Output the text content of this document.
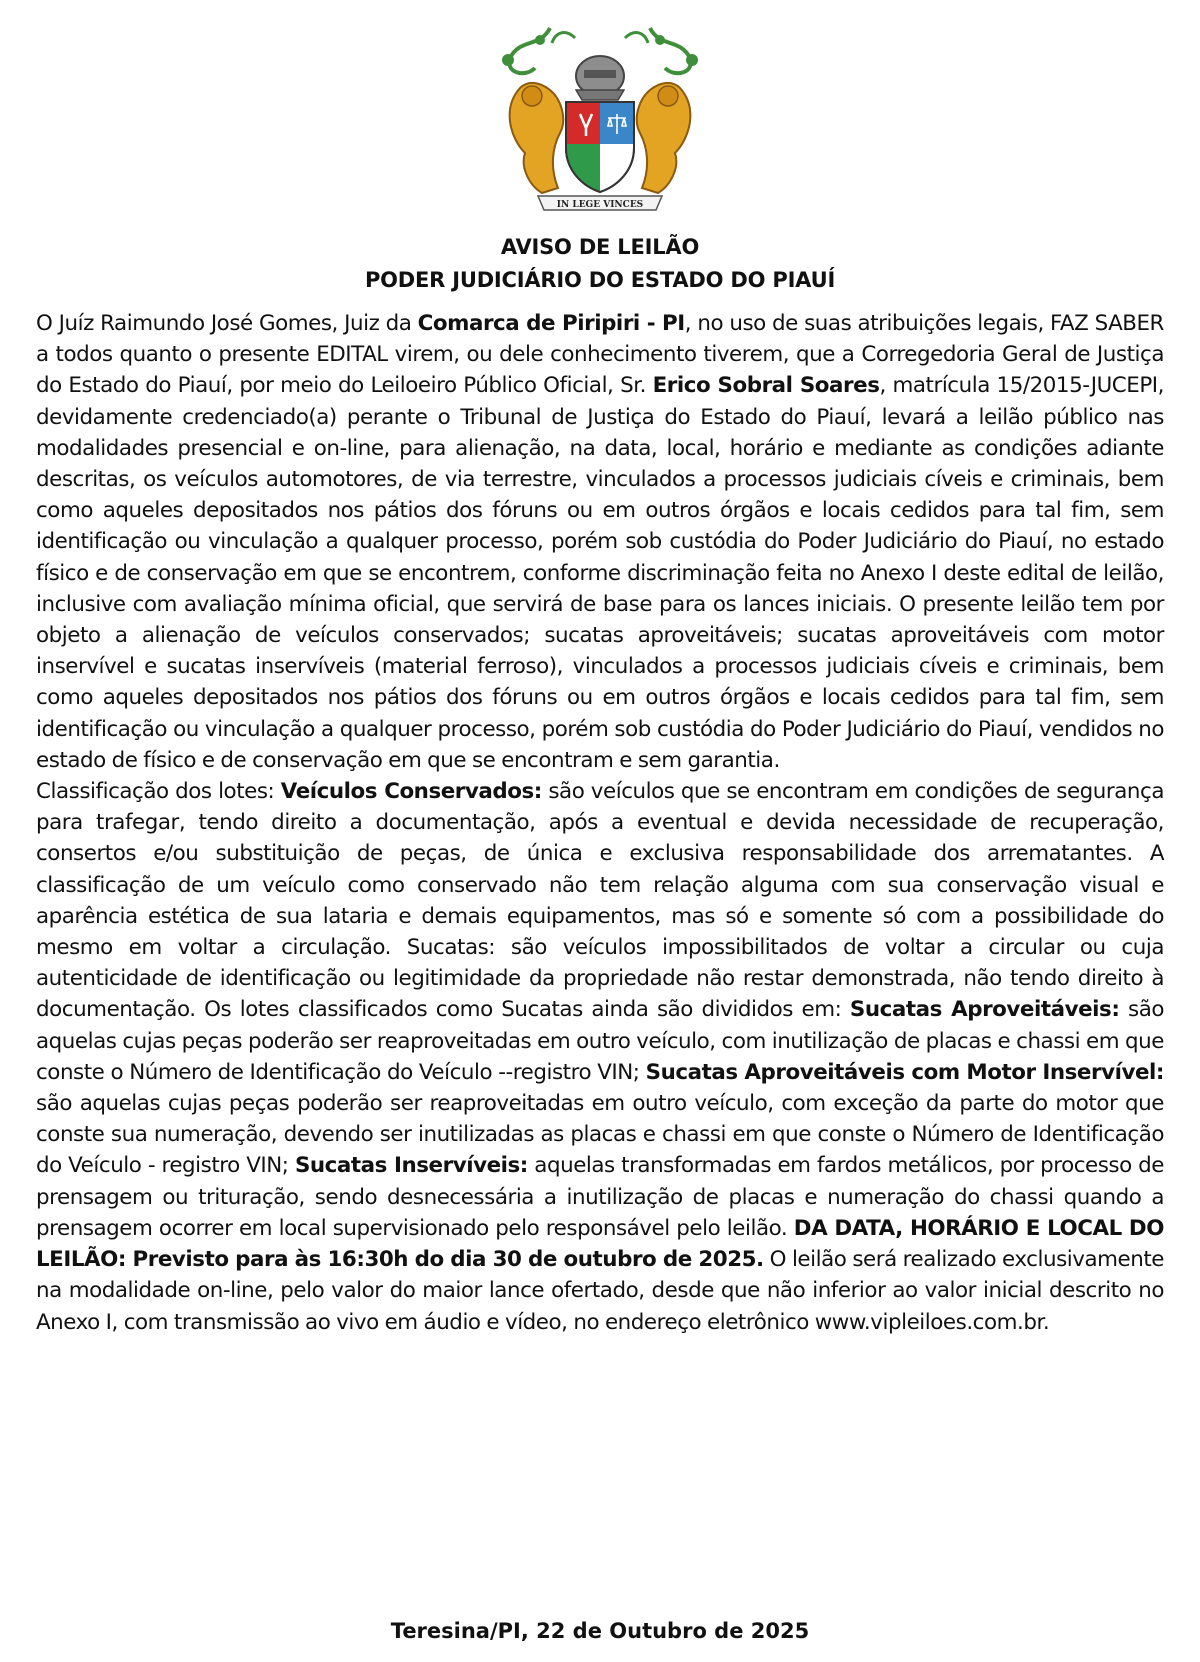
IN LEGE VINCES
AVISO DE LEILÃO
PODER JUDICIÁRIO DO ESTADO DO PIAUÍ

O Juíz Raimundo José Gomes, Juiz da Comarca de Piripiri - PI, no uso de suas atribuições legais, FAZ SABER a todos quanto o presente EDITAL virem, ou dele conhecimento tiverem, que a Corregedoria Geral de Justiça do Estado do Piauí, por meio do Leiloeiro Público Oficial, Sr. Erico Sobral Soares, matrícula 15/2015-JUCEPI, devidamente credenciado(a) perante o Tribunal de Justiça do Estado do Piauí, levará a leilão público nas modalidades presencial e on-line, para alienação, na data, local, horário e mediante as condições adiante descritas, os veículos automotores, de via terrestre, vinculados a processos judiciais cíveis e criminais, bem como aqueles depositados nos pátios dos fóruns ou em outros órgãos e locais cedidos para tal fim, sem identificação ou vinculação a qualquer processo, porém sob custódia do Poder Judiciário do Piauí, no estado físico e de conservação em que se encontrem, conforme discriminação feita no Anexo I deste edital de leilão, inclusive com avaliação mínima oficial, que servirá de base para os lances iniciais. O presente leilão tem por objeto a alienação de veículos conservados; sucatas aproveitáveis; sucatas aproveitáveis com motor inservível e sucatas inservíveis (material ferroso), vinculados a processos judiciais cíveis e criminais, bem como aqueles depositados nos pátios dos fóruns ou em outros órgãos e locais cedidos para tal fim, sem identificação ou vinculação a qualquer processo, porém sob custódia do Poder Judiciário do Piauí, vendidos no estado de físico e de conservação em que se encontram e sem garantia.

Classificação dos lotes: Veículos Conservados: são veículos que se encontram em condições de segurança para trafegar, tendo direito a documentação, após a eventual e devida necessidade de recuperação, consertos e/ou substituição de peças, de única e exclusiva responsabilidade dos arrematantes. A classificação de um veículo como conservado não tem relação alguma com sua conservação visual e aparência estética de sua lataria e demais equipamentos, mas só e somente só com a possibilidade do mesmo em voltar a circulação. Sucatas: são veículos impossibilitados de voltar a circular ou cuja autenticidade de identificação ou legitimidade da propriedade não restar demonstrada, não tendo direito à documentação. Os lotes classificados como Sucatas ainda são divididos em: Sucatas Aproveitáveis: são aquelas cujas peças poderão ser reaproveitadas em outro veículo, com inutilização de placas e chassi em que conste o Número de Identificação do Veículo --registro VIN; Sucatas Aproveitáveis com Motor Inservível: são aquelas cujas peças poderão ser reaproveitadas em outro veículo, com exceção da parte do motor que conste sua numeração, devendo ser inutilizadas as placas e chassi em que conste o Número de Identificação do Veículo - registro VIN; Sucatas Inservíveis: aquelas transformadas em fardos metálicos, por processo de prensagem ou trituração, sendo desnecessária a inutilização de placas e numeração do chassi quando a prensagem ocorrer em local supervisionado pelo responsável pelo leilão. DA DATA, HORÁRIO E LOCAL DO LEILÃO: Previsto para às 16:30h do dia 30 de outubro de 2025. O leilão será realizado exclusivamente na modalidade on-line, pelo valor do maior lance ofertado, desde que não inferior ao valor inicial descrito no Anexo I, com transmissão ao vivo em áudio e vídeo, no endereço eletrônico www.vipleiloes.com.br.

Teresina/PI, 22 de Outubro de 2025
